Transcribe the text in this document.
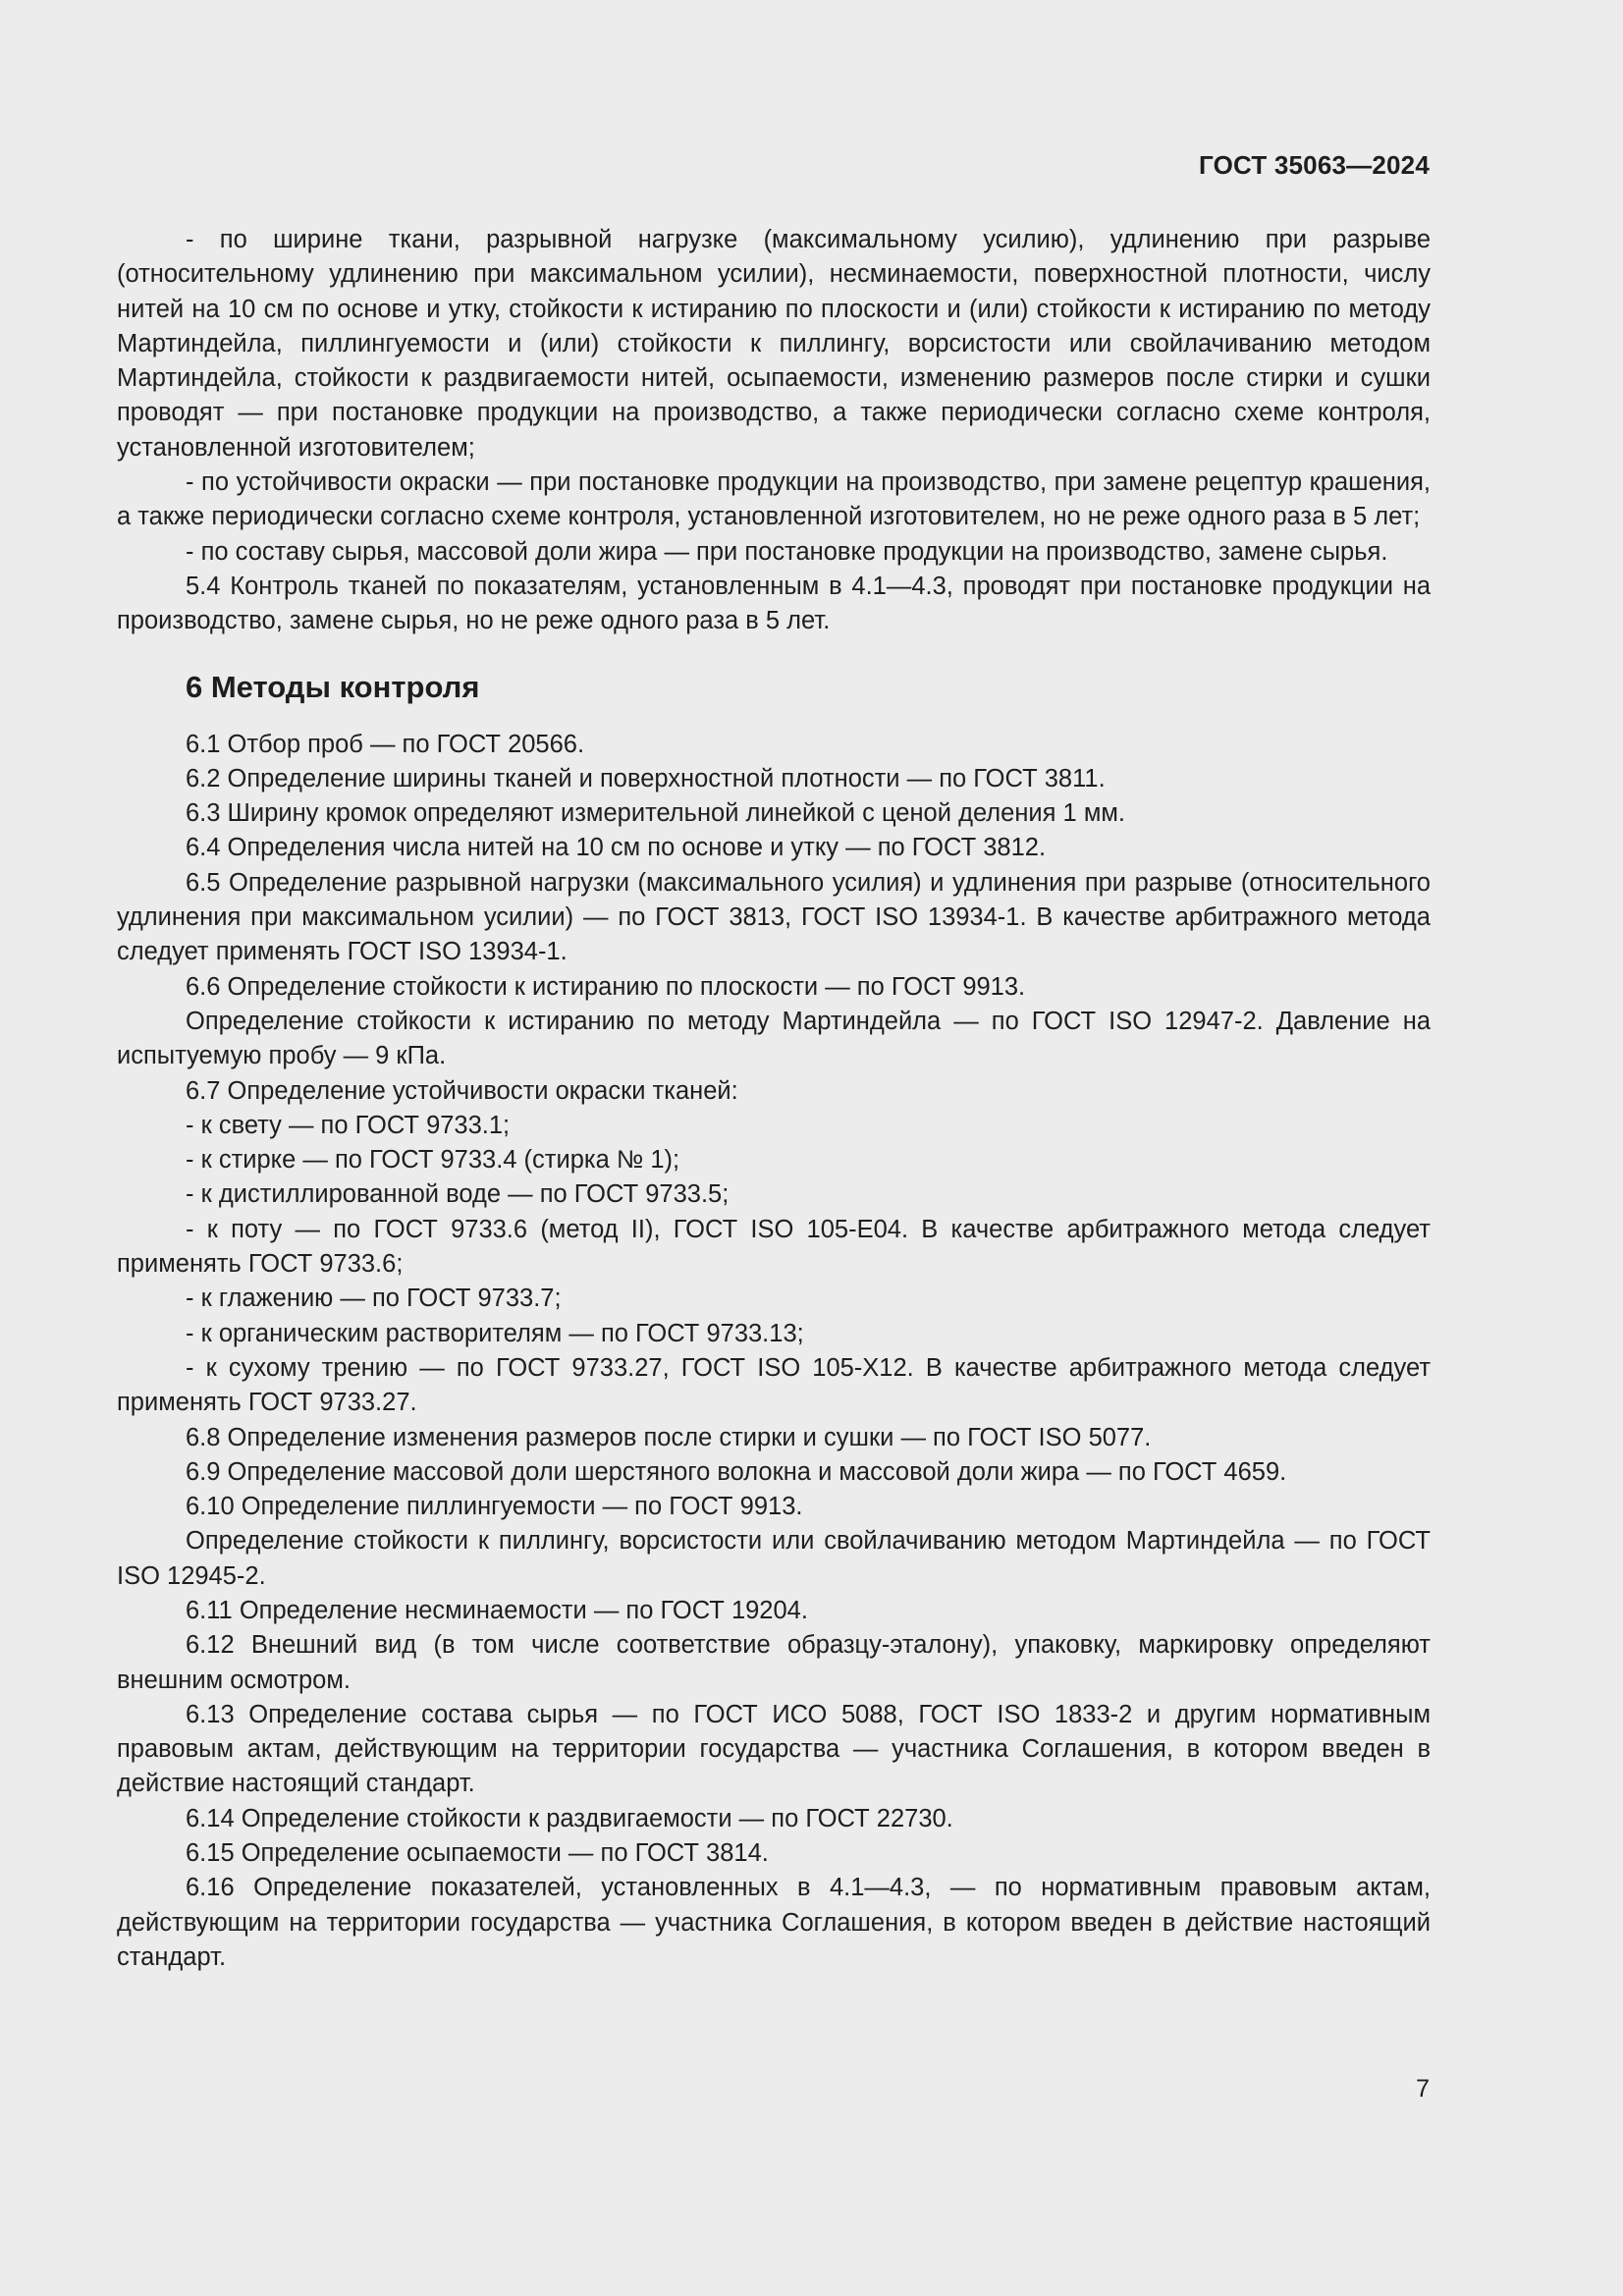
ГОСТ 35063—2024

- по ширине ткани, разрывной нагрузке (максимальному усилию), удлинению при разрыве (относительному удлинению при максимальном усилии), несминаемости, поверхностной плотности, числу нитей на 10 см по основе и утку, стойкости к истиранию по плоскости и (или) стойкости к истиранию по методу Мартиндейла, пиллингуемости и (или) стойкости к пиллингу, ворсистости или свойлачиванию методом Мартиндейла, стойкости к раздвигаемости нитей, осыпаемости, изменению размеров после стирки и сушки проводят — при постановке продукции на производство, а также периодически согласно схеме контроля, установленной изготовителем;

- по устойчивости окраски — при постановке продукции на производство, при замене рецептур крашения, а также периодически согласно схеме контроля, установленной изготовителем, но не реже одного раза в 5 лет;

- по составу сырья, массовой доли жира — при постановке продукции на производство, замене сырья.

5.4 Контроль тканей по показателям, установленным в 4.1—4.3, проводят при постановке продукции на производство, замене сырья, но не реже одного раза в 5 лет.

6 Методы контроля

6.1 Отбор проб — по ГОСТ 20566.

6.2 Определение ширины тканей и поверхностной плотности — по ГОСТ 3811.

6.3 Ширину кромок определяют измерительной линейкой с ценой деления 1 мм.

6.4 Определения числа нитей на 10 см по основе и утку — по ГОСТ 3812.

6.5 Определение разрывной нагрузки (максимального усилия) и удлинения при разрыве (относительного удлинения при максимальном усилии) — по ГОСТ 3813, ГОСТ ISO 13934-1. В качестве арбитражного метода следует применять ГОСТ ISO 13934-1.

6.6 Определение стойкости к истиранию по плоскости — по ГОСТ 9913.

Определение стойкости к истиранию по методу Мартиндейла — по ГОСТ ISO 12947-2. Давление на испытуемую пробу — 9 кПа.

6.7 Определение устойчивости окраски тканей:

- к свету — по ГОСТ 9733.1;

- к стирке — по ГОСТ 9733.4 (стирка № 1);

- к дистиллированной воде — по ГОСТ 9733.5;

- к поту — по ГОСТ 9733.6 (метод II), ГОСТ ISO 105-E04. В качестве арбитражного метода следует применять ГОСТ 9733.6;

- к глажению — по ГОСТ 9733.7;

- к органическим растворителям — по ГОСТ 9733.13;

- к сухому трению — по ГОСТ 9733.27, ГОСТ ISO 105-X12. В качестве арбитражного метода следует применять ГОСТ 9733.27.

6.8 Определение изменения размеров после стирки и сушки — по ГОСТ ISO 5077.

6.9 Определение массовой доли шерстяного волокна и массовой доли жира — по ГОСТ 4659.

6.10 Определение пиллингуемости — по ГОСТ 9913.

Определение стойкости к пиллингу, ворсистости или свойлачиванию методом Мартиндейла — по ГОСТ ISO 12945-2.

6.11 Определение несминаемости — по ГОСТ 19204.

6.12 Внешний вид (в том числе соответствие образцу-эталону), упаковку, маркировку определяют внешним осмотром.

6.13 Определение состава сырья — по ГОСТ ИСО 5088, ГОСТ ISO 1833-2 и другим нормативным правовым актам, действующим на территории государства — участника Соглашения, в котором введен в действие настоящий стандарт.

6.14 Определение стойкости к раздвигаемости — по ГОСТ 22730.

6.15 Определение осыпаемости — по ГОСТ 3814.

6.16 Определение показателей, установленных в 4.1—4.3, — по нормативным правовым актам, действующим на территории государства — участника Соглашения, в котором введен в действие настоящий стандарт.

7
